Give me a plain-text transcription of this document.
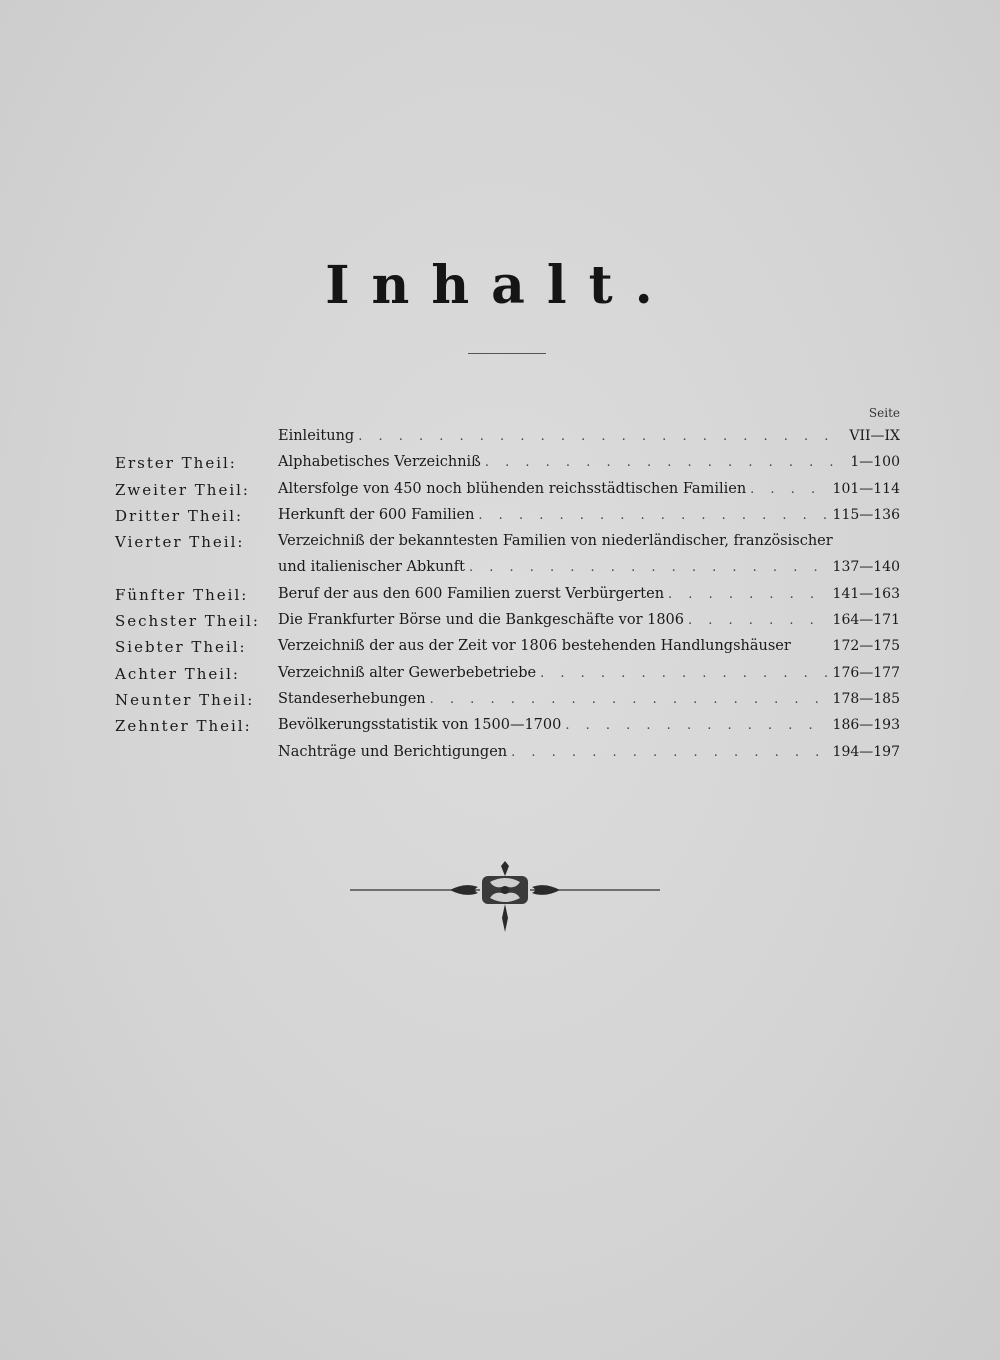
Inhalt.
Seite
Einleitung . . .	VII—IX
Erster Theil:	Alphabetisches Verzeichniß . . .	1—100
Zweiter Theil: Altersfolge von 450 noch blühenden reichsstädtischen Familien . . .	101—114
Dritter Theil: Herkunft der 600 Familien . . .	115—136
Vierter Theil: Verzeichniß der bekanntesten Familien von niederländischer, französischer
und italienischer Abkunft . . .	137—140
Fünfter Theil: Beruf der aus den 600 Familien zuerst Verbürgerten . . .	141—163
Sechster Theil: Die Frankfurter Börse und die Bankgeschäfte vor 1806 . . .	164—171
Siebter Theil: Verzeichniß der aus der Zeit vor 1806 bestehenden Handlungshäuser	172—175
Achter Theil:	Verzeichniß alter Gewerbebetriebe . . .	176—177
Neunter Theil: Standeserhebungen . . .	178—185
Zehnter Theil: Bevölkerungsstatistik von 1500—1700 . . .	186—193
Nachträge und Berichtigungen . . .	194—197
